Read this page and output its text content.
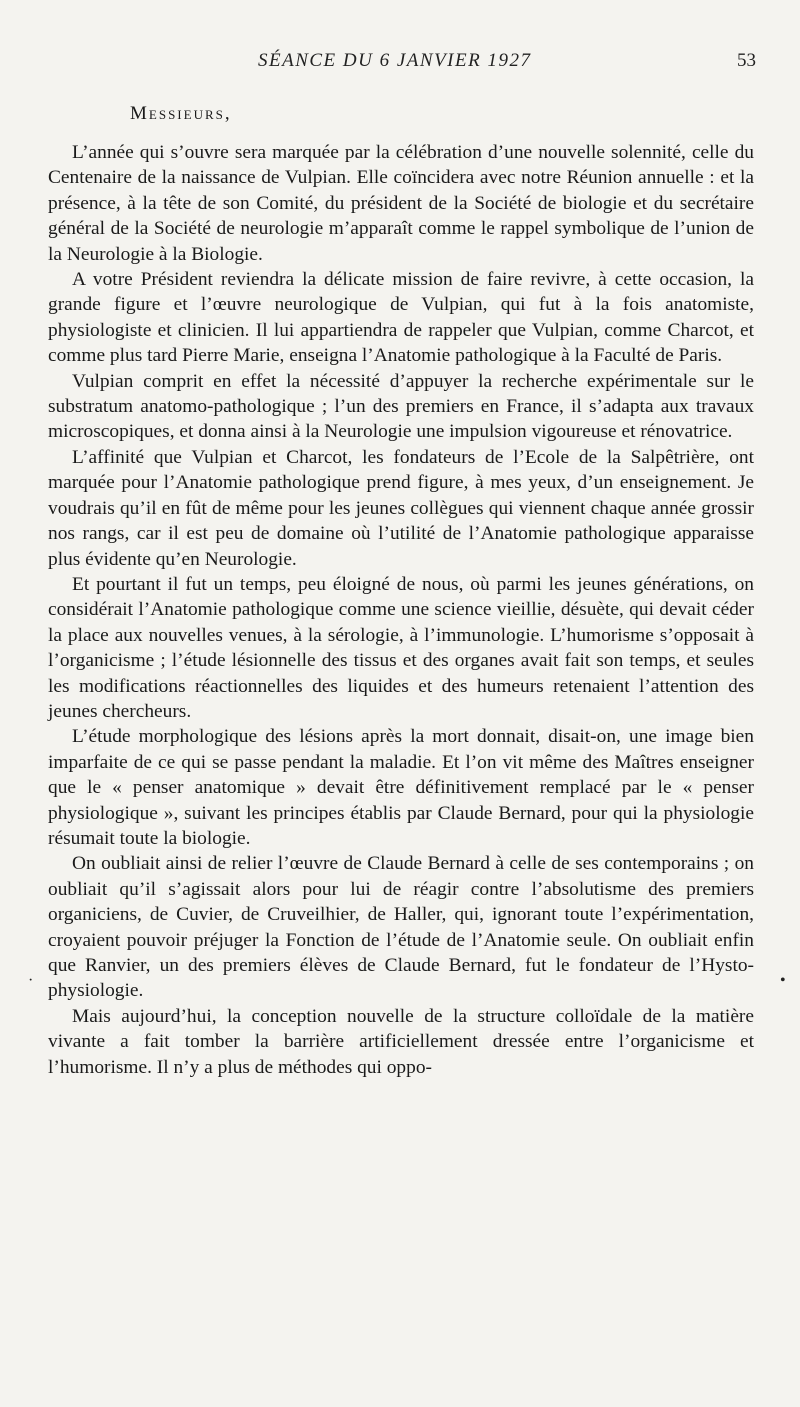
SÉANCE DU 6 JANVIER 1927	53
Messieurs,

L’année qui s’ouvre sera marquée par la célébration d’une nouvelle solennité, celle du Centenaire de la naissance de Vulpian. Elle coïncidera avec notre Réunion annuelle : et la présence, à la tête de son Comité, du président de la Société de biologie et du secrétaire général de la Société de neurologie m’apparaît comme le rappel symbolique de l’union de la Neurologie à la Biologie.

A votre Président reviendra la délicate mission de faire revivre, à cette occasion, la grande figure et l’œuvre neurologique de Vulpian, qui fut à la fois anatomiste, physiologiste et clinicien. Il lui appartiendra de rappeler que Vulpian, comme Charcot, et comme plus tard Pierre Marie, enseigna l’Anatomie pathologique à la Faculté de Paris.

Vulpian comprit en effet la nécessité d’appuyer la recherche expérimentale sur le substratum anatomo-pathologique ; l’un des premiers en France, il s’adapta aux travaux microscopiques, et donna ainsi à la Neurologie une impulsion vigoureuse et rénovatrice.

L’affinité que Vulpian et Charcot, les fondateurs de l’Ecole de la Salpêtrière, ont marquée pour l’Anatomie pathologique prend figure, à mes yeux, d’un enseignement. Je voudrais qu’il en fût de même pour les jeunes collègues qui viennent chaque année grossir nos rangs, car il est peu de domaine où l’utilité de l’Anatomie pathologique apparaisse plus évidente qu’en Neurologie.

Et pourtant il fut un temps, peu éloigné de nous, où parmi les jeunes générations, on considérait l’Anatomie pathologique comme une science vieillie, désuète, qui devait céder la place aux nouvelles venues, à la sérologie, à l’immunologie. L’humorisme s’opposait à l’organicisme ; l’étude lésionnelle des tissus et des organes avait fait son temps, et seules les modifications réactionnelles des liquides et des humeurs retenaient l’attention des jeunes chercheurs.

L’étude morphologique des lésions après la mort donnait, disait-on, une image bien imparfaite de ce qui se passe pendant la maladie. Et l’on vit même des Maîtres enseigner que le « penser anatomique » devait être définitivement remplacé par le « penser physiologique », suivant les principes établis par Claude Bernard, pour qui la physiologie résumait toute la biologie.

On oubliait ainsi de relier l’œuvre de Claude Bernard à celle de ses contemporains ; on oubliait qu’il s’agissait alors pour lui de réagir contre l’absolutisme des premiers organiciens, de Cuvier, de Cruveilhier, de Haller, qui, ignorant toute l’expérimentation, croyaient pouvoir préjuger la Fonction de l’étude de l’Anatomie seule. On oubliait enfin que Ranvier, un des premiers élèves de Claude Bernard, fut le fondateur de l’Hysto-physiologie.

Mais aujourd’hui, la conception nouvelle de la structure colloïdale de la matière vivante a fait tomber la barrière artificiellement dressée entre l’organicisme et l’humorisme. Il n’y a plus de méthodes qui oppo-

·	•
